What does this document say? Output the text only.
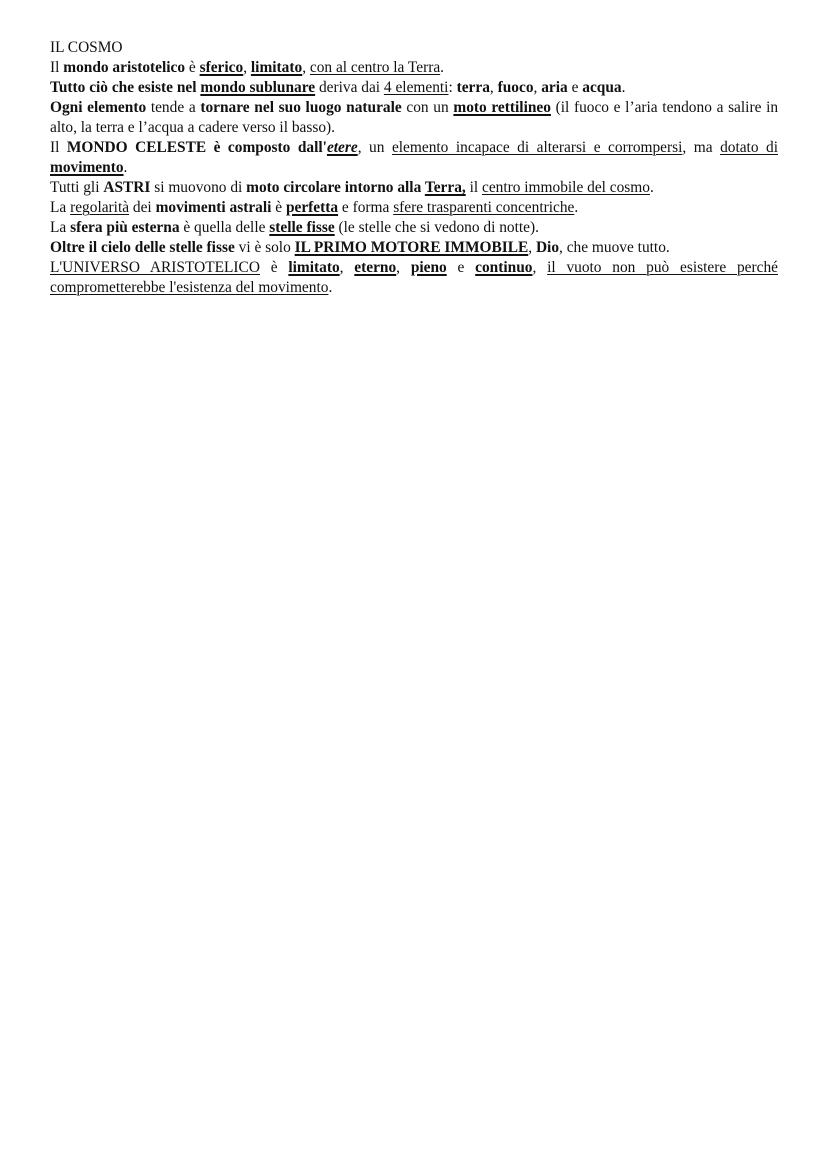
IL COSMO
Il mondo aristotelico è sferico, limitato, con al centro la Terra.
Tutto ciò che esiste nel mondo sublunare deriva dai 4 elementi: terra, fuoco, aria e acqua.
Ogni elemento tende a tornare nel suo luogo naturale con un moto rettilineo (il fuoco e l’aria tendono a salire in alto, la terra e l’acqua a cadere verso il basso).
Il MONDO CELESTE è composto dall'etere, un elemento incapace di alterarsi e corrompersi, ma dotato di movimento.
Tutti gli ASTRI si muovono di moto circolare intorno alla Terra, il centro immobile del cosmo.
La regolarità dei movimenti astrali è perfetta e forma sfere trasparenti concentriche.
La sfera più esterna è quella delle stelle fisse (le stelle che si vedono di notte).
Oltre il cielo delle stelle fisse vi è solo IL PRIMO MOTORE IMMOBILE, Dio, che muove tutto.
L'UNIVERSO ARISTOTELICO è limitato, eterno, pieno e continuo, il vuoto non può esistere perché comprometterebbe l'esistenza del movimento.
